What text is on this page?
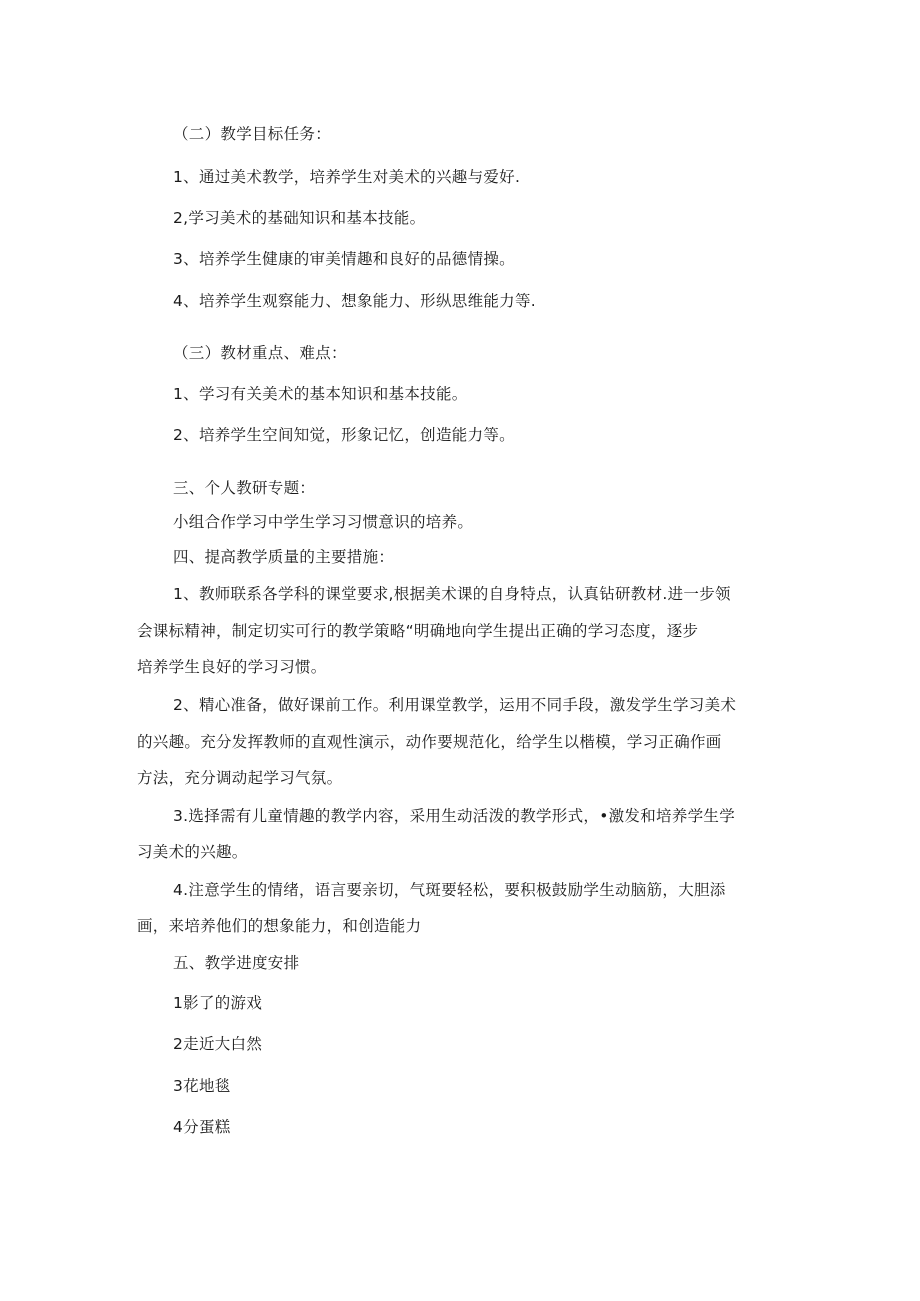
（二）教学目标任务：
1、通过美术教学，培养学生对美术的兴趣与爱好.
2,学习美术的基础知识和基本技能。
3、培养学生健康的审美情趣和良好的品德情操。
4、培养学生观察能力、想象能力、形纵思维能力等.
（三）教材重点、难点：
1、学习有关美术的基本知识和基本技能。
2、培养学生空间知觉，形象记忆，创造能力等。
三、个人教研专题：
小组合作学习中学生学习习惯意识的培养。
四、提高教学质量的主要措施：
1、教师联系各学科的课堂要求,根据美术课的自身特点，认真钻研教材.进一步领
会课标精神，制定切实可行的教学策略“明确地向学生提出正确的学习态度，逐步
培养学生良好的学习习惯。
2、精心准备，做好课前工作。利用课堂教学，运用不同手段，激发学生学习美术
的兴趣。充分发挥教师的直观性演示，动作要规范化，给学生以楷模，学习正确作画
方法，充分调动起学习气氛。
3.选择需有儿童情趣的教学内容，采用生动活泼的教学形式，•激发和培养学生学
习美术的兴趣。
4.注意学生的情绪，语言要亲切，气斑要轻松，要积极鼓励学生动脑筋，大胆添
画，来培养他们的想象能力，和创造能力
五、教学进度安排
1影了的游戏
2走近大白然
3花地毯
4分蛋糕
